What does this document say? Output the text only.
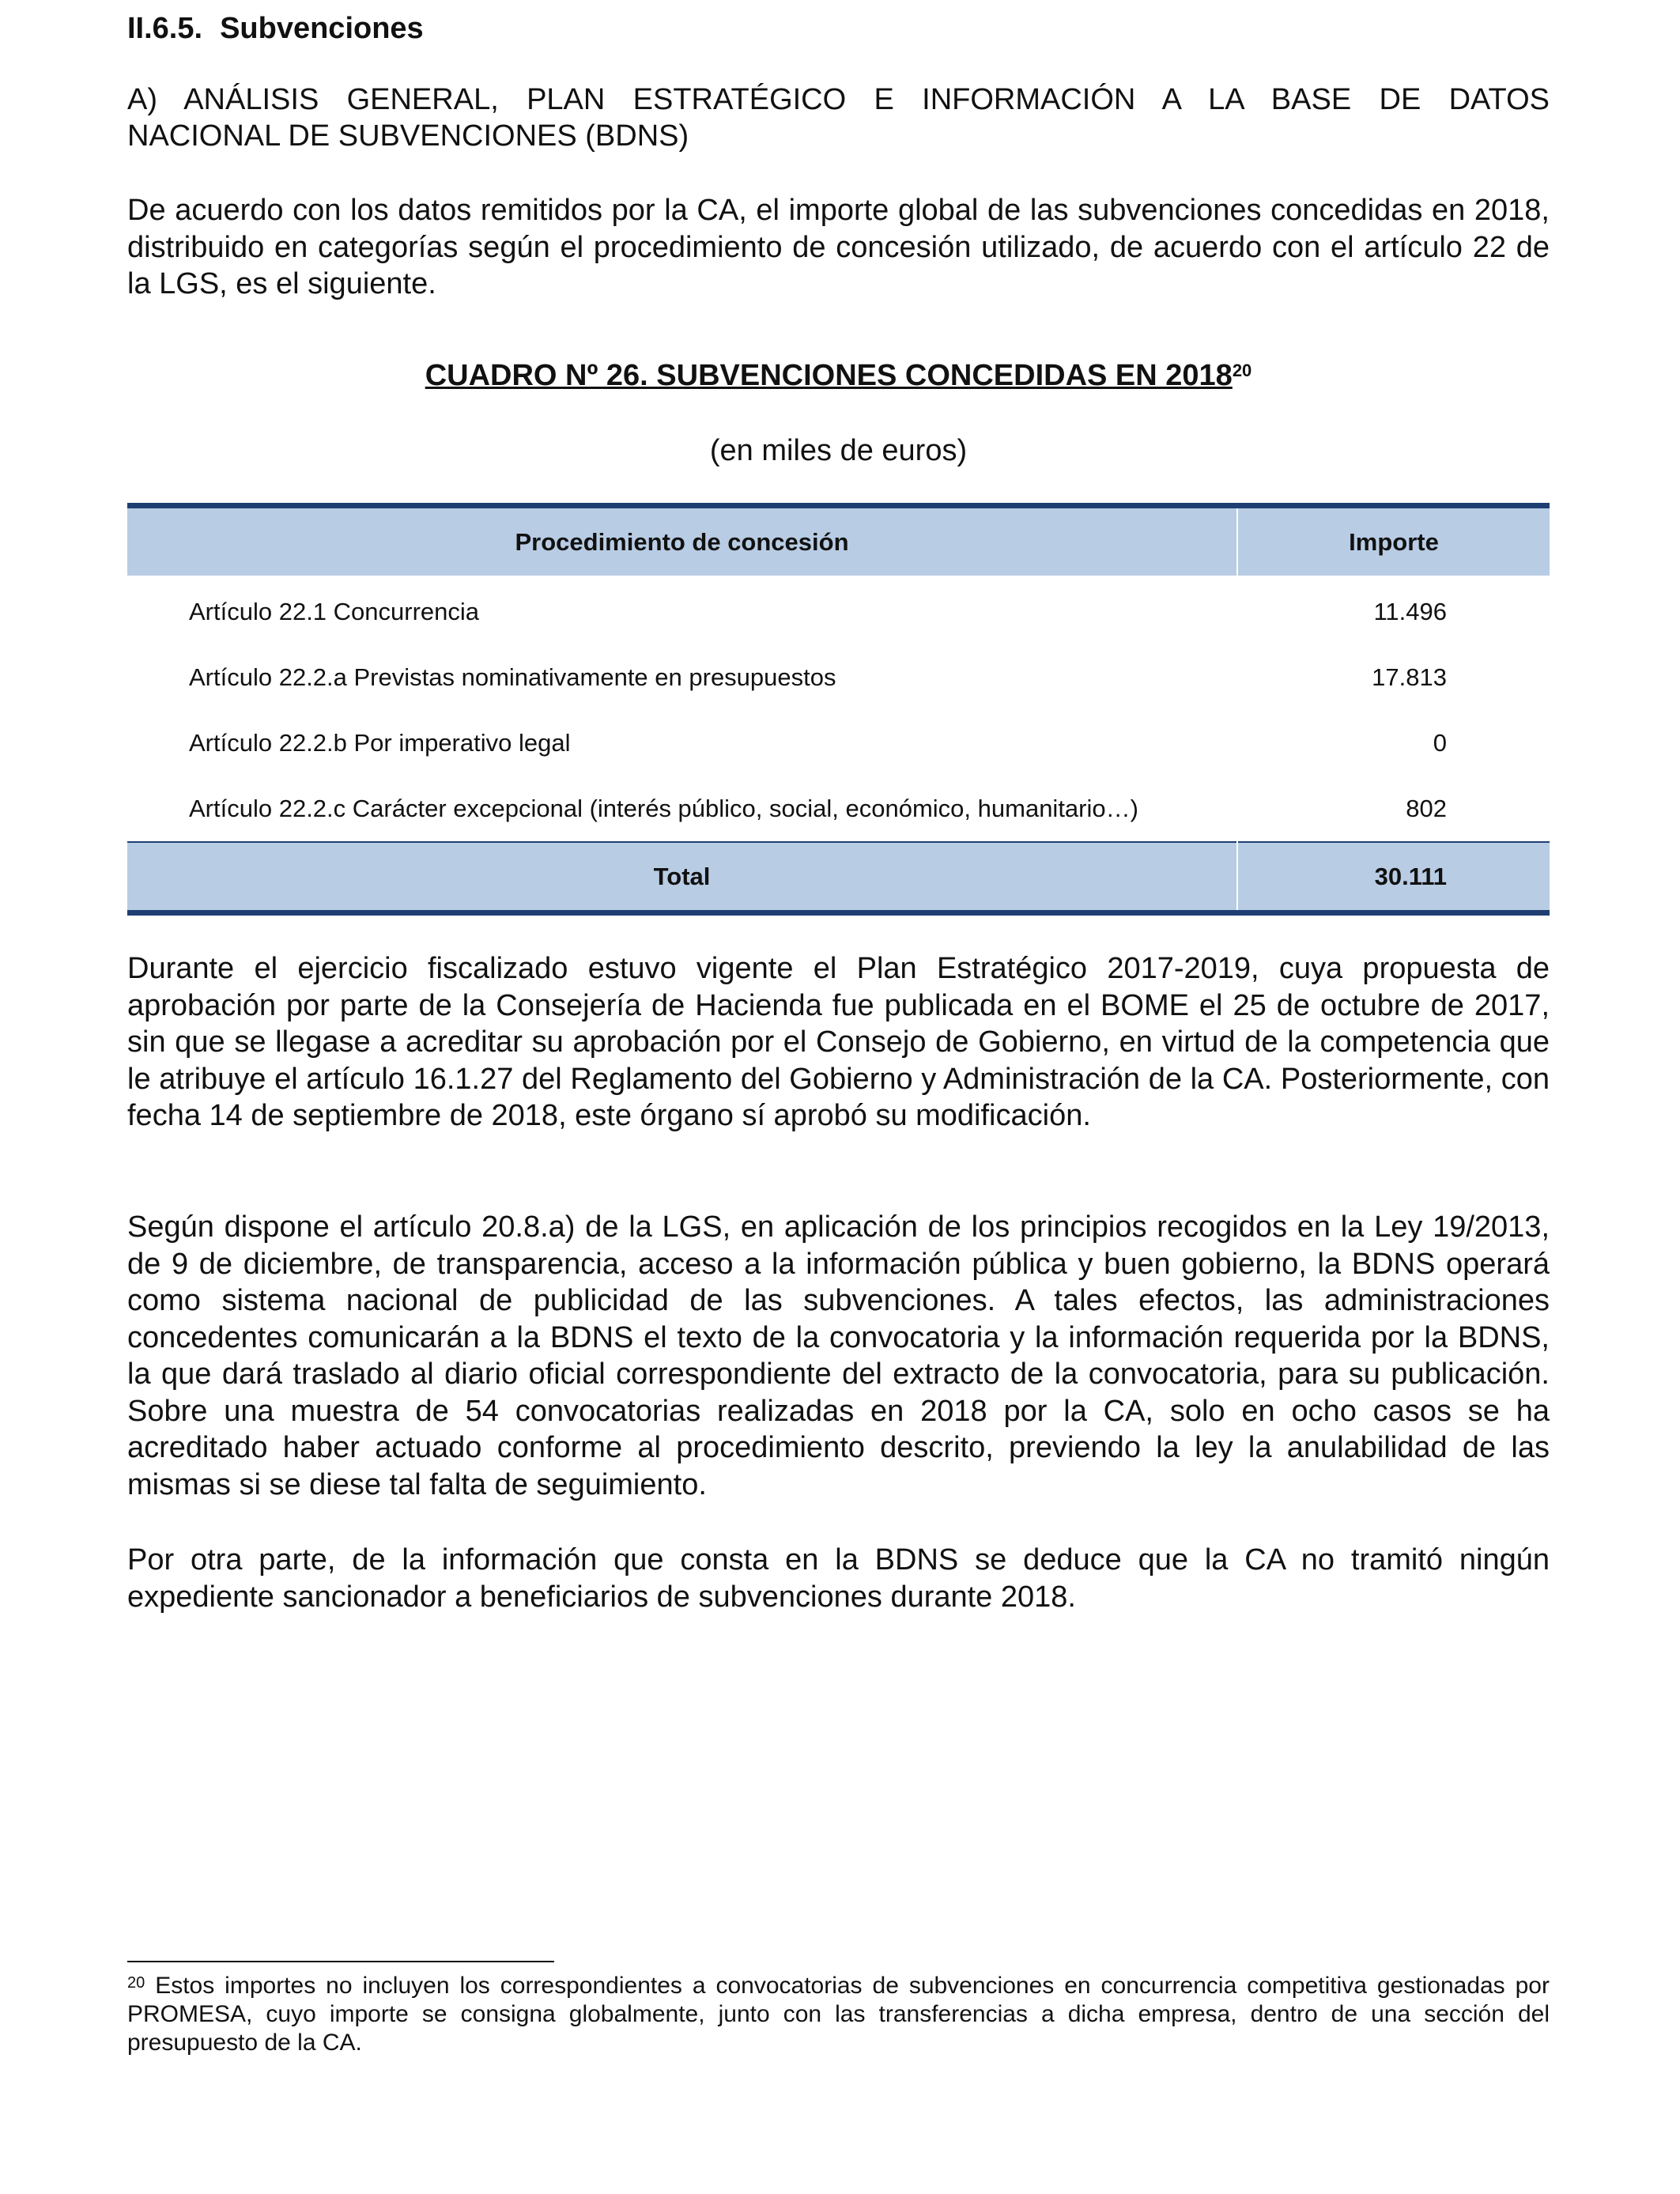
II.6.5. Subvenciones
A) ANÁLISIS GENERAL, PLAN ESTRATÉGICO E INFORMACIÓN A LA BASE DE DATOS
NACIONAL DE SUBVENCIONES (BDNS)

De acuerdo con los datos remitidos por la CA, el importe global de las subvenciones concedidas en 2018, distribuido en categorías según el procedimiento de concesión utilizado, de acuerdo con el artículo 22 de la LGS, es el siguiente.

CUADRO Nº 26. SUBVENCIONES CONCEDIDAS EN 2018$^{20}$
(en miles de euros)
Procedimiento de concesión	Importe
Artículo 22.1 Concurrencia	11.496
Artículo 22.2.a Previstas nominativamente en presupuestos	17.813
Artículo 22.2.b Por imperativo legal	0
Artículo 22.2.c Carácter excepcional (interés público, social, económico, humanitario…)	802
Total	30.111

Durante el ejercicio fiscalizado estuvo vigente el Plan Estratégico 2017-2019, cuya propuesta de aprobación por parte de la Consejería de Hacienda fue publicada en el BOME el 25 de octubre de 2017, sin que se llegase a acreditar su aprobación por el Consejo de Gobierno, en virtud de la competencia que le atribuye el artículo 16.1.27 del Reglamento del Gobierno y Administración de la CA. Posteriormente, con fecha 14 de septiembre de 2018, este órgano sí aprobó su modificación.

Según dispone el artículo 20.8.a) de la LGS, en aplicación de los principios recogidos en la Ley 19/2013, de 9 de diciembre, de transparencia, acceso a la información pública y buen gobierno, la BDNS operará como sistema nacional de publicidad de las subvenciones. A tales efectos, las administraciones concedentes comunicarán a la BDNS el texto de la convocatoria y la información requerida por la BDNS, la que dará traslado al diario oficial correspondiente del extracto de la convocatoria, para su publicación. Sobre una muestra de 54 convocatorias realizadas en 2018 por la CA, solo en ocho casos se ha acreditado haber actuado conforme al procedimiento descrito, previendo la ley la anulabilidad de las mismas si se diese tal falta de seguimiento.

Por otra parte, de la información que consta en la BDNS se deduce que la CA no tramitó ningún expediente sancionador a beneficiarios de subvenciones durante 2018.

$^{20}$ Estos importes no incluyen los correspondientes a convocatorias de subvenciones en concurrencia competitiva gestionadas por PROMESA, cuyo importe se consigna globalmente, junto con las transferencias a dicha empresa, dentro de una sección del presupuesto de la CA.
